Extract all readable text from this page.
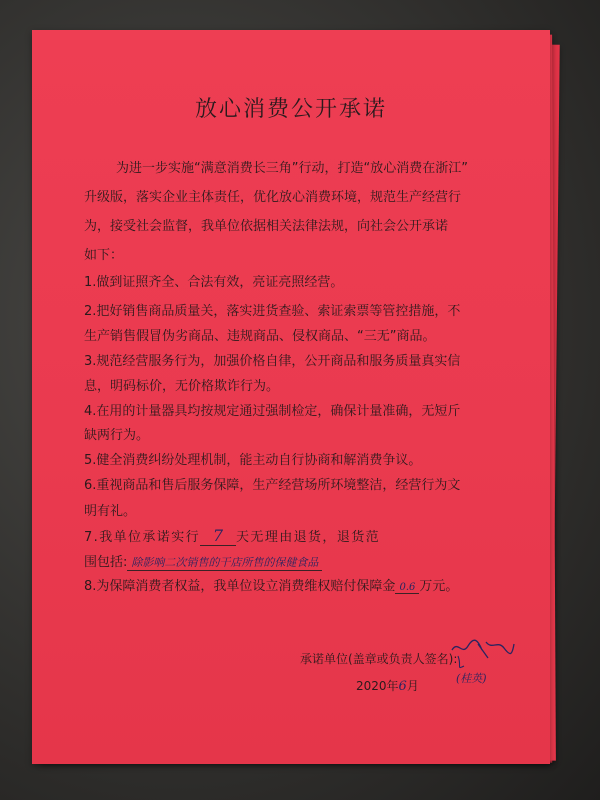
放心消费公开承诺
为进一步实施“满意消费长三角”行动，打造“放心消费在浙江”
升级版，落实企业主体责任，优化放心消费环境，规范生产经营行
为，接受社会监督，我单位依据相关法律法规，向社会公开承诺
如下：
1.做到证照齐全、合法有效，亮证亮照经营。
2.把好销售商品质量关，落实进货查验、索证索票等管控措施，不
生产销售假冒伪劣商品、违规商品、侵权商品、“三无”商品。
3.规范经营服务行为，加强价格自律，公开商品和服务质量真实信
息，明码标价，无价格欺诈行为。
4.在用的计量器具均按规定通过强制检定，确保计量准确，无短斤
缺两行为。
5.健全消费纠纷处理机制，能主动自行协商和解消费争议。
6.重视商品和售后服务保障，生产经营场所环境整洁，经营行为文
明有礼。
7.我单位承诺实行 7 天无理由退货，退货范
围包括: 除影响二次销售的干店所售的保健食品
8.为保障消费者权益，我单位设立消费维权赔付保障金 0.6 万元。
承诺单位(盖章或负责人签名):
(桂英)
2020年6月
